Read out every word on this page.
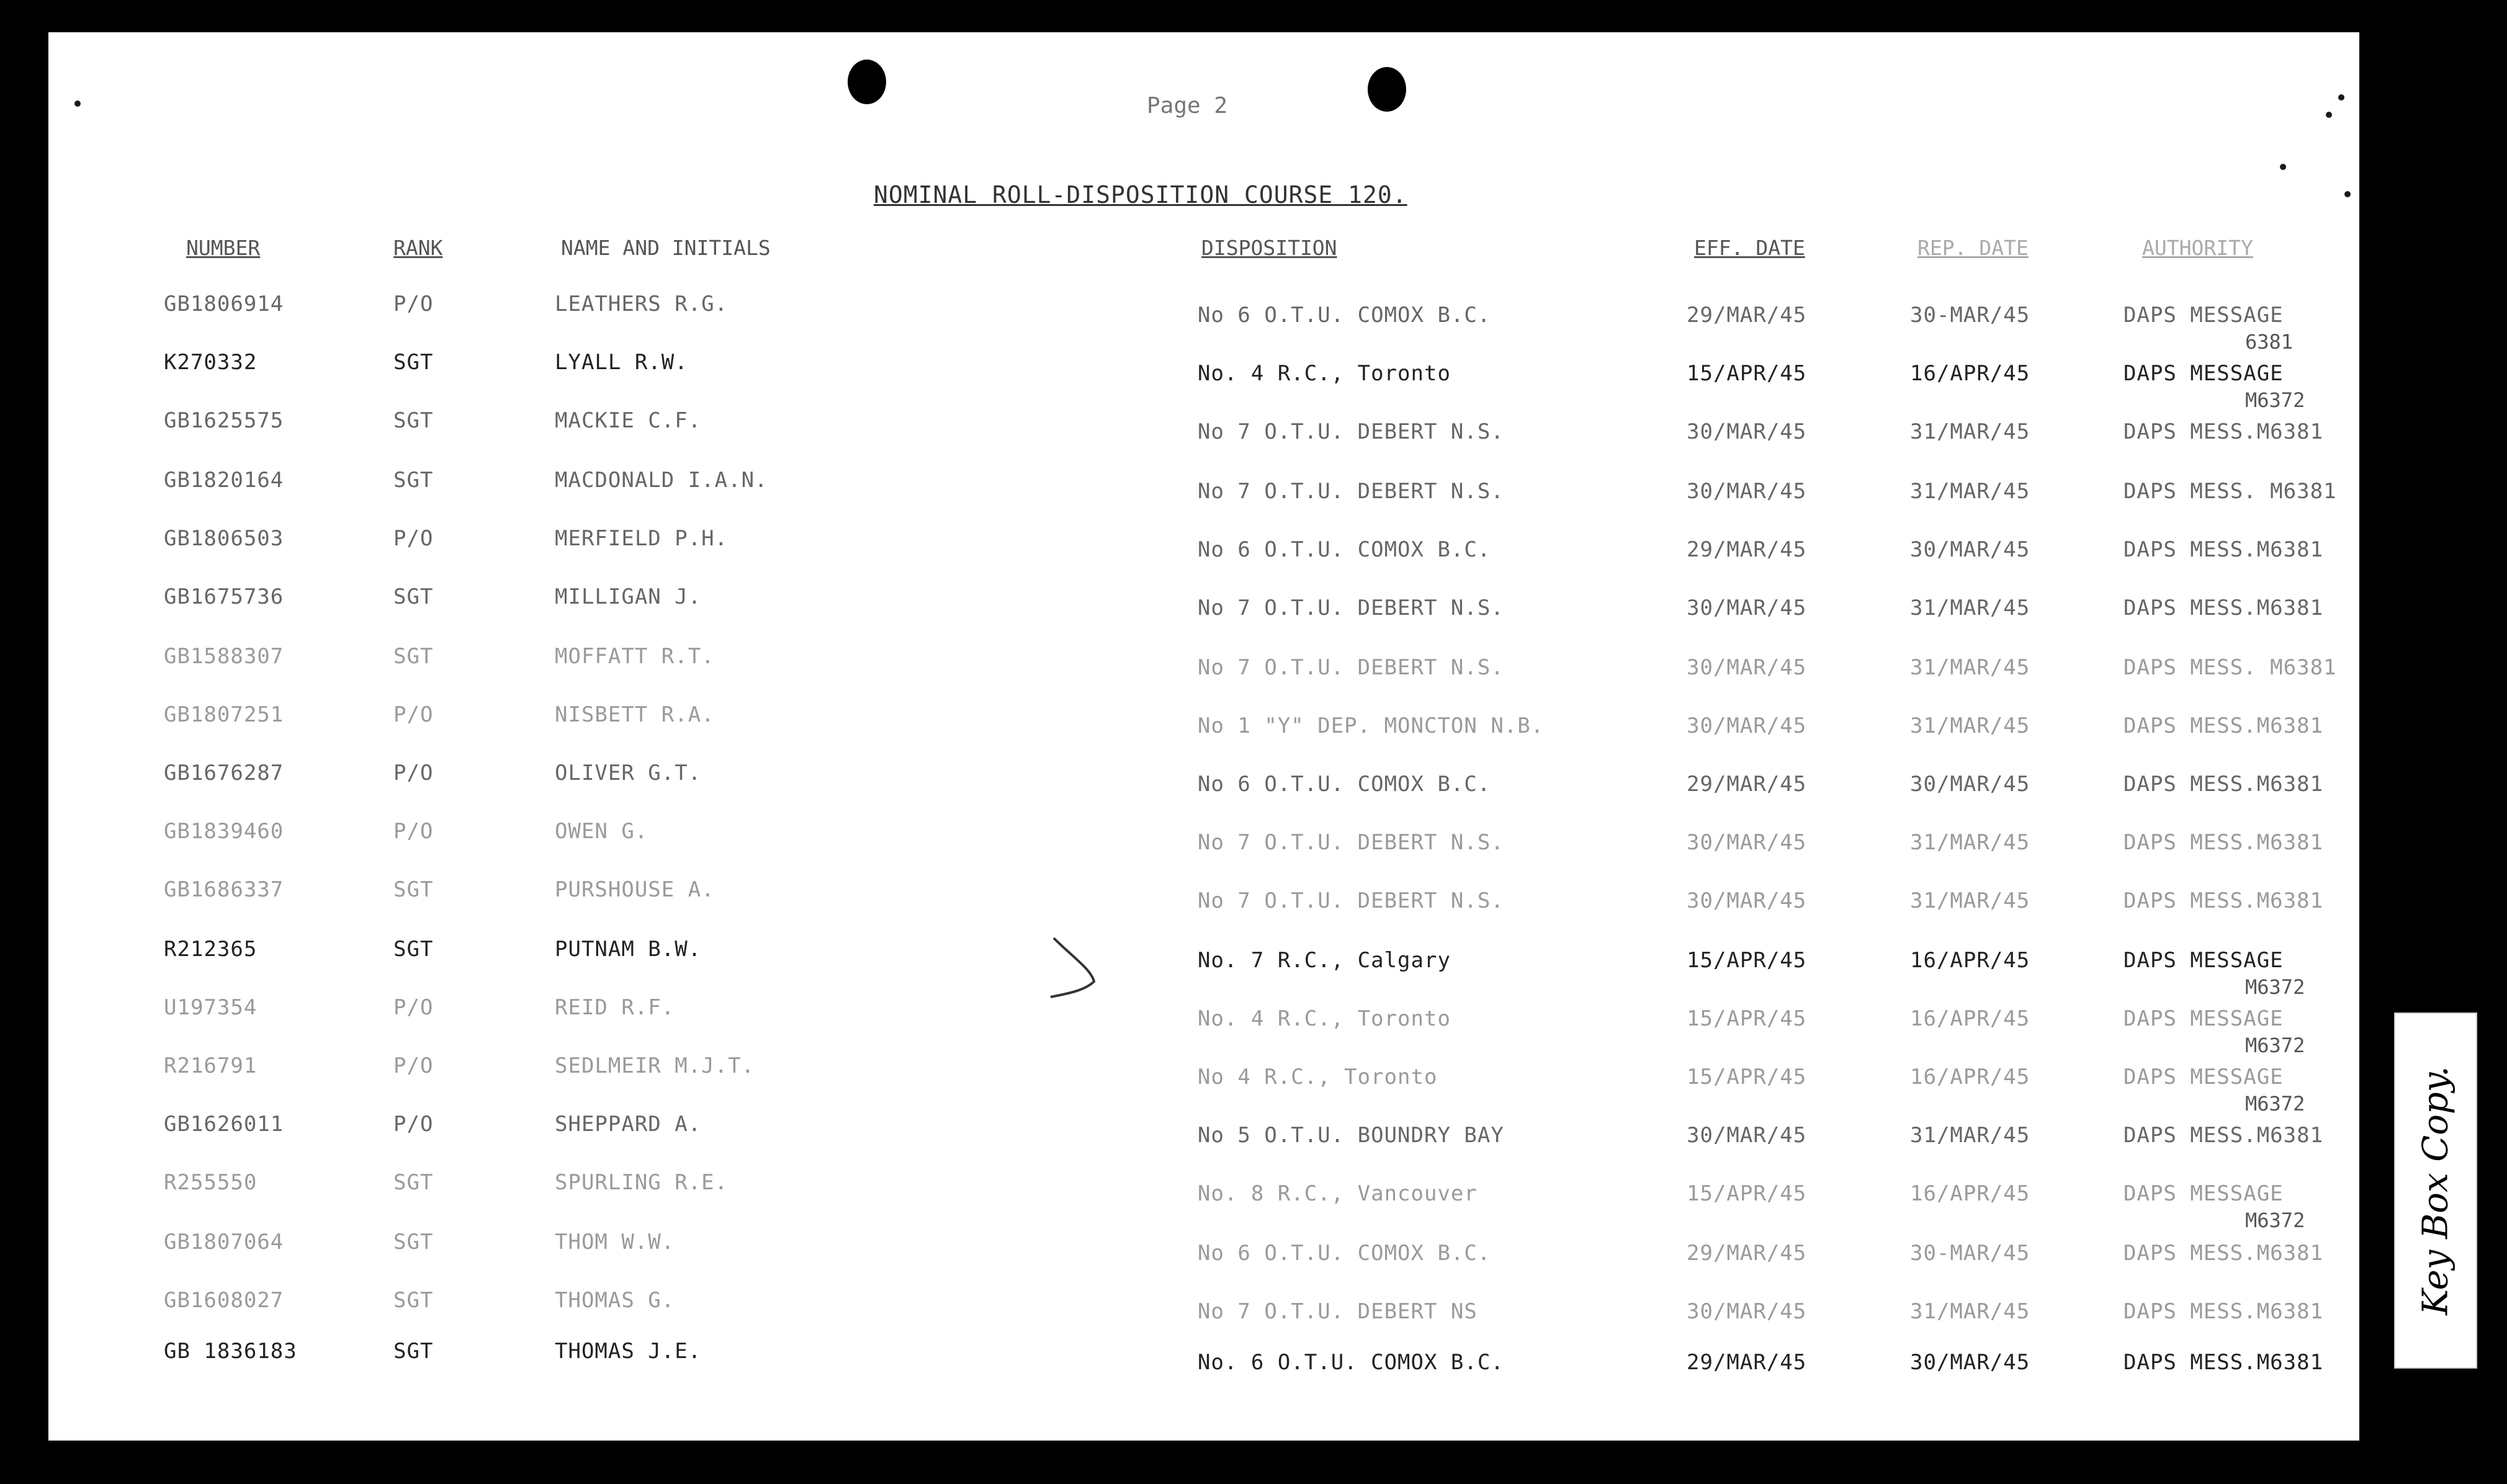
Page 2
NOMINAL ROLL-DISPOSITION COURSE 120.
NUMBER	RANK	NAME AND INITIALS	DISPOSITION	EFF. DATE	REP. DATE	AUTHORITY
GB1806914	P/O	LEATHERS R.G.	No 6 O.T.U. COMOX B.C.	29/MAR/45	30-MAR/45	DAPS MESSAGE
6381
K270332	SGT	LYALL R.W.	No. 4 R.C., Toronto	15/APR/45	16/APR/45	DAPS MESSAGE
M6372
GB1625575	SGT	MACKIE C.F.	No 7 O.T.U. DEBERT N.S.	30/MAR/45	31/MAR/45	DAPS MESS.M6381
GB1820164	SGT	MACDONALD I.A.N.	No 7 O.T.U. DEBERT N.S.	30/MAR/45	31/MAR/45	DAPS MESS. M6381
GB1806503	P/O	MERFIELD P.H.	No 6 O.T.U. COMOX B.C.	29/MAR/45	30/MAR/45	DAPS MESS.M6381
GB1675736	SGT	MILLIGAN J.	No 7 O.T.U. DEBERT N.S.	30/MAR/45	31/MAR/45	DAPS MESS.M6381
GB1588307	SGT	MOFFATT R.T.	No 7 O.T.U. DEBERT N.S.	30/MAR/45	31/MAR/45	DAPS MESS. M6381
GB1807251	P/O	NISBETT R.A.	No 1 "Y" DEP. MONCTON N.B.	30/MAR/45	31/MAR/45	DAPS MESS.M6381
GB1676287	P/O	OLIVER G.T.	No 6 O.T.U. COMOX B.C.	29/MAR/45	30/MAR/45	DAPS MESS.M6381
GB1839460	P/O	OWEN G.	No 7 O.T.U. DEBERT N.S.	30/MAR/45	31/MAR/45	DAPS MESS.M6381
GB1686337	SGT	PURSHOUSE A.	No 7 O.T.U. DEBERT N.S.	30/MAR/45	31/MAR/45	DAPS MESS.M6381
R212365	SGT	PUTNAM B.W.	No. 7 R.C., Calgary	15/APR/45	16/APR/45	DAPS MESSAGE
M6372
U197354	P/O	REID R.F.	No. 4 R.C., Toronto	15/APR/45	16/APR/45	DAPS MESSAGE
M6372
R216791	P/O	SEDLMEIR M.J.T.	No 4 R.C., Toronto	15/APR/45	16/APR/45	DAPS MESSAGE
M6372
GB1626011	P/O	SHEPPARD A.	No 5 O.T.U. BOUNDRY BAY	30/MAR/45	31/MAR/45	DAPS MESS.M6381
R255550	SGT	SPURLING R.E.	No. 8 R.C., Vancouver	15/APR/45	16/APR/45	DAPS MESSAGE
M6372
GB1807064	SGT	THOM W.W.	No 6 O.T.U. COMOX B.C.	29/MAR/45	30-MAR/45	DAPS MESS.M6381
GB1608027	SGT	THOMAS G.	No 7 O.T.U. DEBERT NS	30/MAR/45	31/MAR/45	DAPS MESS.M6381
GB 1836183	SGT	THOMAS J.E.	No. 6 O.T.U. COMOX B.C.	29/MAR/45	30/MAR/45	DAPS MESS.M6381
Key Box Copy.
